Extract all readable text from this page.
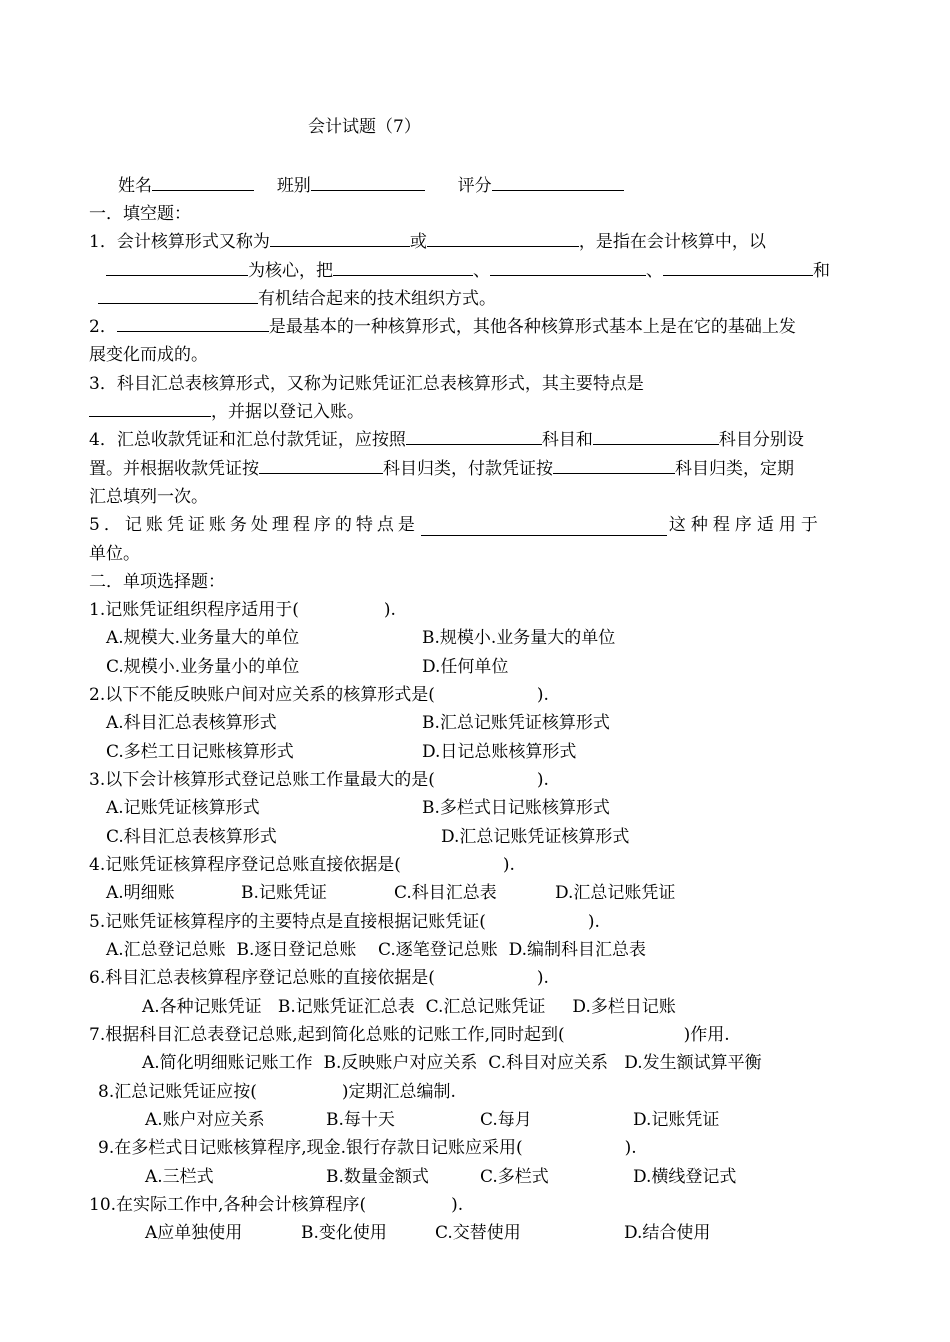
会计试题（7）
姓名	班别	评分
一．填空题：
1．会计核算形式又称为	或	，是指在会计核算中，以
为核心，把	、	、	和
有机结合起来的技术组织方式。
2．	是最基本的一种核算形式，其他各种核算形式基本上是在它的基础上发
展变化而成的。
3．科目汇总表核算形式，又称为记账凭证汇总表核算形式，其主要特点是
，并据以登记入账。
4．汇总收款凭证和汇总付款凭证，应按照	科目和	科目分别设
置。并根据收款凭证按	科目归类，付款凭证按	科目归类，定期
汇总填列一次。
5．记账凭证账务处理程序的特点是	这种程序适用于
单位。
二．单项选择题：
1.记账凭证组织程序适用于(　　　　　).
A.规模大.业务量大的单位	B.规模小.业务量大的单位
C.规模小.业务量小的单位	D.任何单位
2.以下不能反映账户间对应关系的核算形式是(　　　　　　).
A.科目汇总表核算形式	B.汇总记账凭证核算形式
C.多栏工日记账核算形式	D.日记总账核算形式
3.以下会计核算形式登记总账工作量最大的是(　　　　　　).
A.记账凭证核算形式	B.多栏式日记账核算形式
C.科目汇总表核算形式	D.汇总记账凭证核算形式
4.记账凭证核算程序登记总账直接依据是(　　　　　　).
A.明细账	B.记账凭证	C.科目汇总表	D.汇总记账凭证
5.记账凭证核算程序的主要特点是直接根据记账凭证(　　　　　　).
A.汇总登记总账  B.逐日登记总账    C.逐笔登记总账  D.编制科目汇总表
6.科目汇总表核算程序登记总账的直接依据是(　　　　　　).
A.各种记账凭证   B.记账凭证汇总表  C.汇总记账凭证     D.多栏日记账
7.根据科目汇总表登记总账,起到简化总账的记账工作,同时起到(　　　　　　　)作用.
A.简化明细账记账工作  B.反映账户对应关系  C.科目对应关系   D.发生额试算平衡
8.汇总记账凭证应按(　　　　　)定期汇总编制.
A.账户对应关系	B.每十天	C.每月	D.记账凭证
9.在多栏式日记账核算程序,现金.银行存款日记账应采用(　　　　　　).
A.三栏式	B.数量金额式	C.多栏式	D.横线登记式
10.在实际工作中,各种会计核算程序(　　　　　).
A应单独使用	B.变化使用	C.交替使用	D.结合使用
